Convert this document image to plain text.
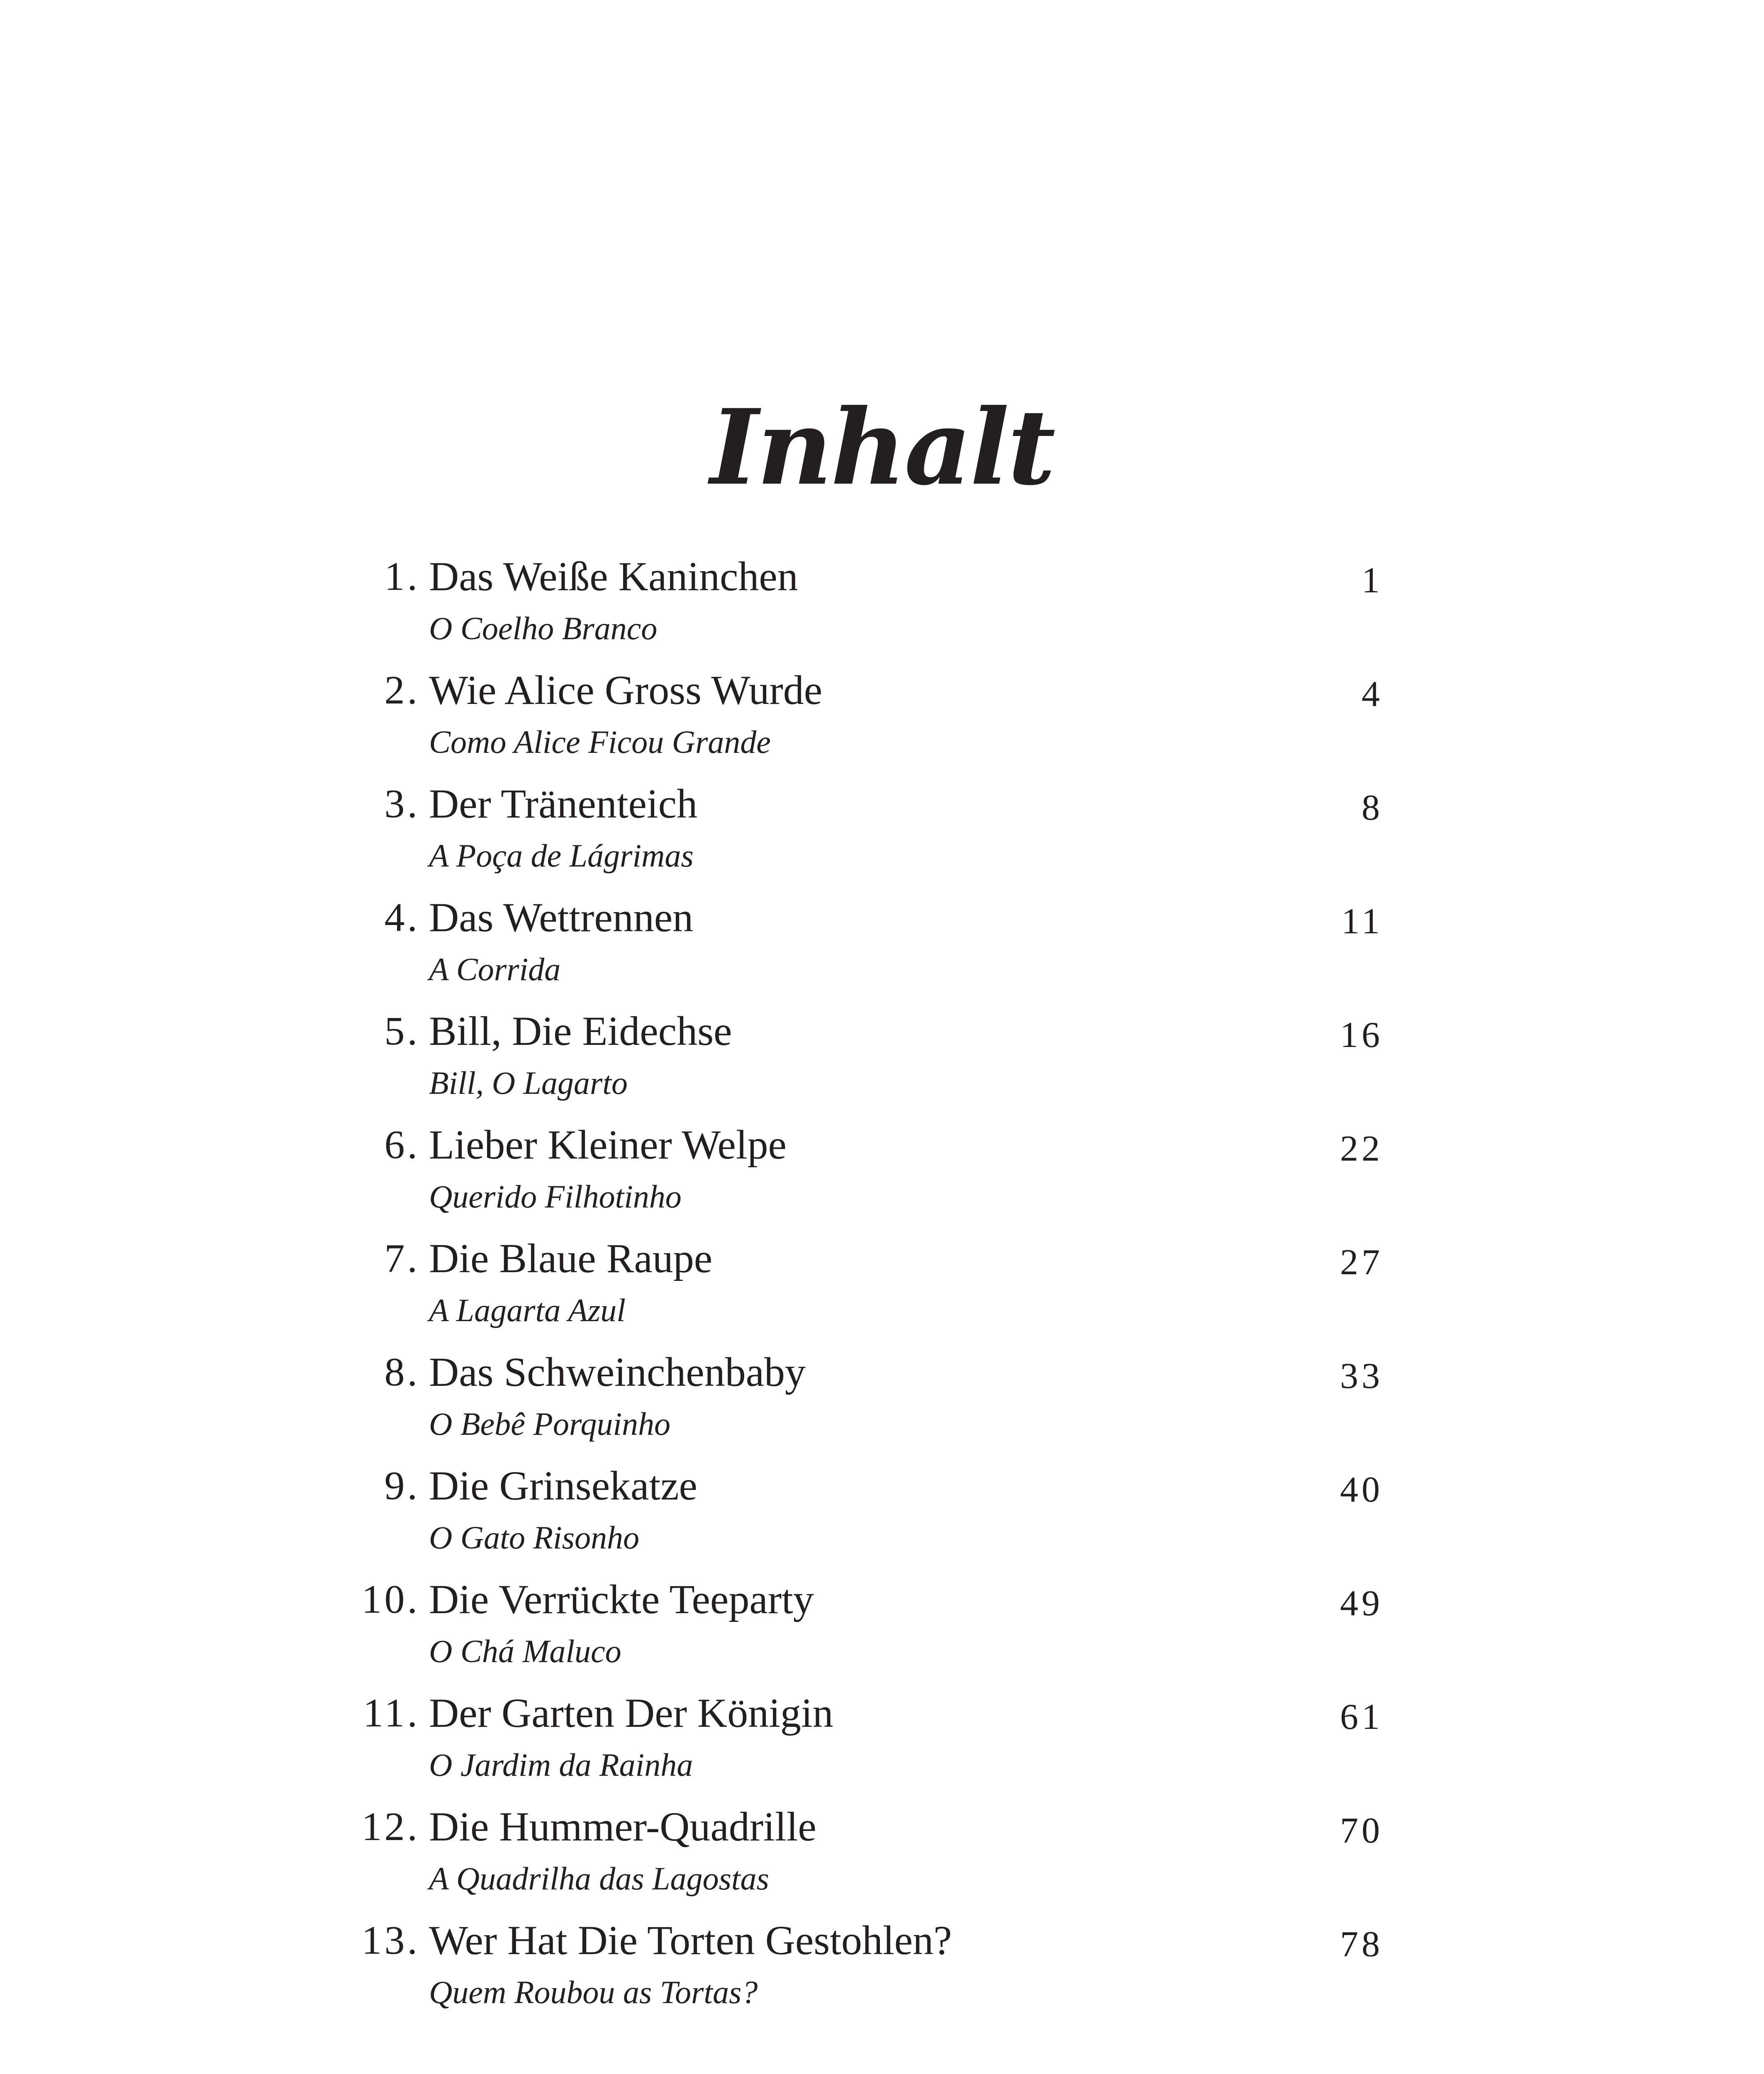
Inhalt
1. Das Weiße Kaninchen
O Coelho Branco
1
2. Wie Alice Gross Wurde
Como Alice Ficou Grande
4
3. Der Tränenteich
A Poça de Lágrimas
8
4. Das Wettrennen
A Corrida
11
5. Bill, Die Eidechse
Bill, O Lagarto
16
6. Lieber Kleiner Welpe
Querido Filhotinho
22
7. Die Blaue Raupe
A Lagarta Azul
27
8. Das Schweinchenbaby
O Bebê Porquinho
33
9. Die Grinsekatze
O Gato Risonho
40
10. Die Verrückte Teeparty
O Chá Maluco
49
11. Der Garten Der Königin
O Jardim da Rainha
61
12. Die Hummer-Quadrille
A Quadrilha das Lagostas
70
13. Wer Hat Die Torten Gestohlen?
Quem Roubou as Tortas?
78
